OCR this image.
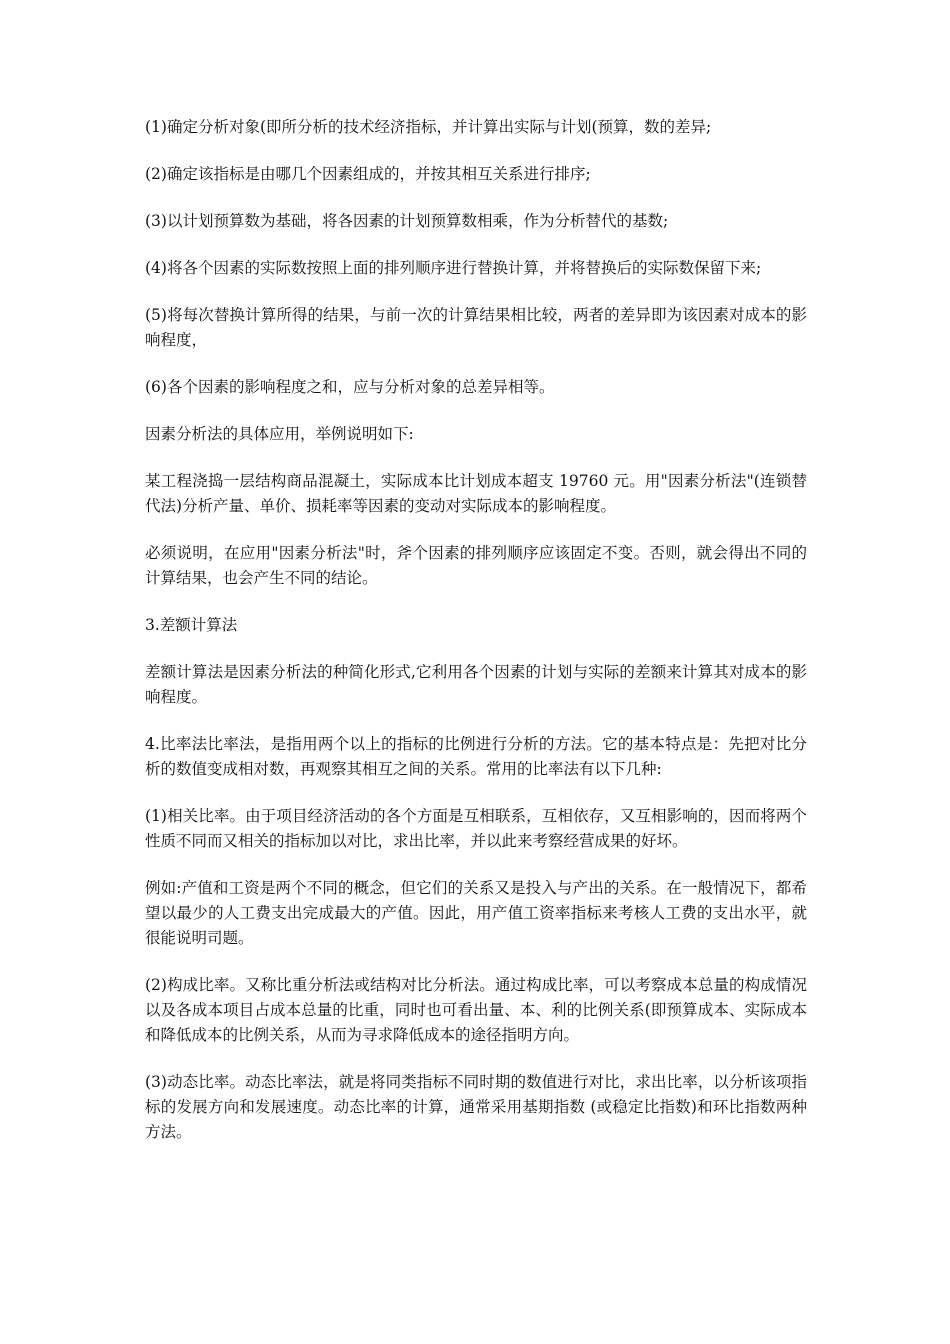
(1)确定分析对象(即所分析的技术经济指标，并计算出实际与计划(预算，数的差异;

(2)确定该指标是由哪几个因素组成的，并按其相互关系进行排序;

(3)以计划预算数为基础，将各因素的计划预算数相乘，作为分析替代的基数;

(4)将各个因素的实际数按照上面的排列顺序进行替换计算，并将替换后的实际数保留下来;

(5)将每次替换计算所得的结果，与前一次的计算结果相比较，两者的差异即为该因素对成本的影响程度，

(6)各个因素的影响程度之和，应与分析对象的总差异相等。

因素分析法的具体应用，举例说明如下:

某工程浇捣一层结构商品混凝土，实际成本比计划成本超支 19760 元。用"因素分析法"(连锁替代法)分析产量、单价、损耗率等因素的变动对实际成本的影响程度。

必须说明，在应用"因素分析法"时，斧个因素的排列顺序应该固定不变。否则，就会得出不同的计算结果，也会产生不同的结论。

3.差额计算法

差额计算法是因素分析法的种简化形式,它利用各个因素的计划与实际的差额来计算其对成本的影响程度。

4.比率法比率法，是指用两个以上的指标的比例进行分析的方法。它的基本特点是：先把对比分析的数值变成相对数，再观察其相互之间的关系。常用的比率法有以下几种:

(1)相关比率。由于项目经济活动的各个方面是互相联系，互相依存，又互相影响的，因而将两个性质不同而又相关的指标加以对比，求出比率，并以此来考察经营成果的好坏。

例如:产值和工资是两个不同的概念，但它们的关系又是投入与产出的关系。在一般情况下，都希望以最少的人工费支出完成最大的产值。因此，用产值工资率指标来考核人工费的支出水平，就很能说明司题。

(2)构成比率。又称比重分析法或结构对比分析法。通过构成比率，可以考察成本总量的构成情况以及各成本项目占成本总量的比重，同时也可看出量、本、利的比例关系(即预算成本、实际成本和降低成本的比例关系，从而为寻求降低成本的途径指明方向。

(3)动态比率。动态比率法，就是将同类指标不同时期的数值进行对比，求出比率，以分析该项指标的发展方向和发展速度。动态比率的计算，通常采用基期指数 (或稳定比指数)和环比指数两种方法。
